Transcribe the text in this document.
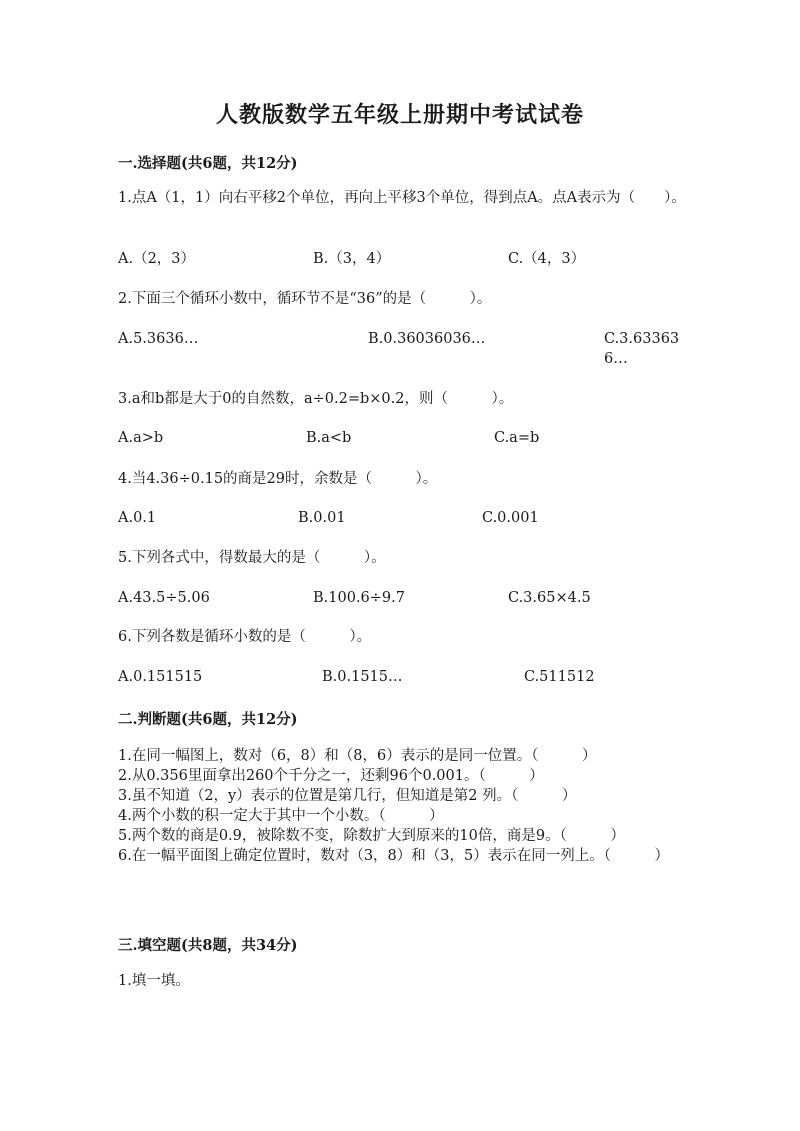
人教版数学五年级上册期中考试试卷
一.选择题(共6题，共12分)
1.点A（1，1）向右平移2个单位，再向上平移3个单位，得到点A。点A表示为（　　）。
A.（2，3）	B.（3，4）	C.（4，3）
2.下面三个循环小数中，循环节不是“36”的是（　　　）。
A.5.3636…	B.0.36036036…	C.3.633636…
3.a和b都是大于0的自然数，a÷0.2=b×0.2，则（　　　）。
A.a>b	B.a<b	C.a=b
4.当4.36÷0.15的商是29时，余数是（　　　）。
A.0.1	B.0.01	C.0.001
5.下列各式中，得数最大的是（　　　）。
A.43.5÷5.06	B.100.6÷9.7	C.3.65×4.5
6.下列各数是循环小数的是（　　　）。
A.0.151515	B.0.1515…	C.511512
二.判断题(共6题，共12分)
1.在同一幅图上，数对（6，8）和（8，6）表示的是同一位置。（　　　）
2.从0.356里面拿出260个千分之一，还剩96个0.001。（　　　）
3.虽不知道（2，y）表示的位置是第几行，但知道是第2 列。（　　　）
4.两个小数的积一定大于其中一个小数。（　　　）
5.两个数的商是0.9，被除数不变，除数扩大到原来的10倍，商是9。（　　　）
6.在一幅平面图上确定位置时，数对（3，8）和（3，5）表示在同一列上。（　　　）
三.填空题(共8题，共34分)
1.填一填。
